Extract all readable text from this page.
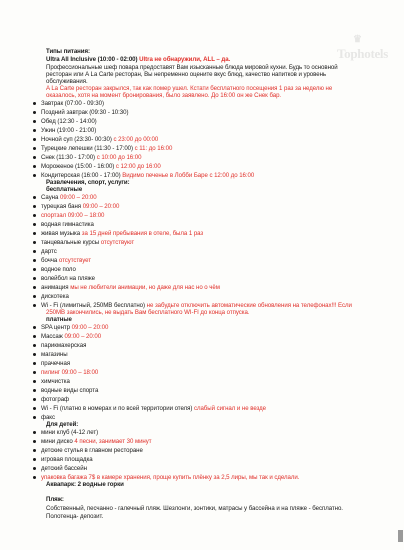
♛
Tophotels
Типы питания:
Ultra All Inclusive (10:00 - 02:00) Ultra не обнаружили, ALL – да.
Профессиональные шеф повара предоставят Вам изысканные блюда мировой кухни. Будь то основной
ресторан или A La Carte ресторан, Вы непременно оцените вкус блюд, качество напитков и уровень
обслуживания.
A La Carte ресторан закрылся, так как помер ушел. Кстати бесплатного посещения 1 раз за неделю не
оказалось, хотя на момент бронирования, было заявлено. До 16:00 он же Снек бар.
Завтрак (07:00 - 09:30)
Поздний завтрак (09:30 - 10:30)
Обед (12:30 - 14:00)
Ужин (19:00 - 21:00)
Ночной суп (23:30- 00:30) с 23:00 до 00:00
Турецкие лепешки (11:30 - 17:00) с 11: до 16:00
Снек (11:30 - 17:00) с 10:00 до 16:00
Мороженое (15:00 - 16:00) с 12:00 до 16:00
Кондитерская (16:00 - 17:00) Видимо печенье в Лобби Баре с 12:00 до 16:00
Развлечения, спорт, услуги:
бесплатные
Сауна 09:00 – 20:00
турецкая баня 09:00 – 20:00
спортзал 09:00 – 18:00
водная гимнастика
живая музыка за 15 дней пребывания в отеле, была 1 раз
танцевальные курсы отсутствуют
дартс
бочча отсутствует
водное поло
волейбол на пляже
анимация мы не любители анимации, но даже для нас но о чём
дискотека
Wi - Fi (лимитный, 250MB бесплатно) не забудьте отключить автоматические обновления на телефонах!!! Если
250MB закончились, не выдать Вам бесплатного WI-FI до конца отпуска.
платные
SPA центр 09:00 – 20:00
Массаж 09:00 – 20:00
парикмахерская
магазины
прачечная
пилинг 09:00 – 18:00
химчистка
водные виды спорта
фотограф
Wi - Fi (платно в номерах и по всей территории отеля) слабый сигнал и не везде
факс
Для детей:
мини клуб (4-12 лет)
мини диско 4 песни, занимает 30 минут
детские стулья в главном ресторане
игровая площадка
детский бассейн
упаковка багажа 7$ в камере хранения, проще купить плёнку за 2,5 лиры, мы так и сделали.
Аквапарк: 2 водные горки
Пляж:
Собственный, песчанно - галечный пляж. Шезлонги, зонтики, матрасы у бассейна и на пляже - бесплатно.
Полотенца- депозит.
